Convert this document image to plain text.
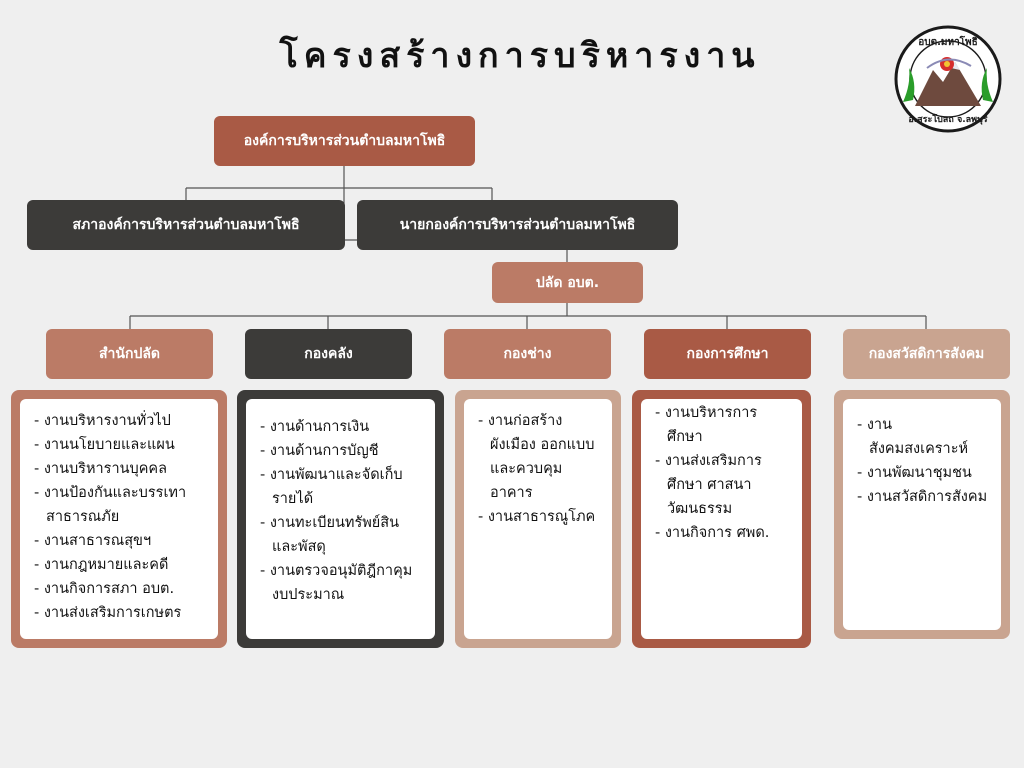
โครงสร้างการบริหารงาน	อบต.มหาโพธิ
อ.สระโบสถ จ.ลพบุรี
องค์การบริหารส่วนตำบลมหาโพธิ
สภาองค์การบริหารส่วนตำบลมหาโพธิ	นายกองค์การบริหารส่วนตำบลมหาโพธิ
ปลัด อบต.
สำนักปลัด	กองคลัง	กองช่าง	กองการศึกษา	กองสวัสดิการสังคม
- งานบริหารงานทั่วไป
- งานนโยบายและแผน
- งานบริหารานบุคคล
- งานป้องกันและบรรเทาสาธารณภัย
- งานสาธารณสุขฯ
- งานกฎหมายและคดี
- งานกิจการสภา อบต.
- งานส่งเสริมการเกษตร
- งานด้านการเงิน
- งานด้านการบัญชี
- งานพัฒนาและจัดเก็บรายได้
- งานทะเบียนทรัพย์สินและพัสดุ
- งานตรวจอนุมัติฎีกาคุมงบประมาณ
- งานก่อสร้างผังเมือง ออกแบบและควบคุมอาคาร
- งานสาธารณูโภค
- งานบริหารการศึกษา
- งานส่งเสริมการศึกษา ศาสนา วัฒนธรรม
- งานกิจการ ศพด.
- งานสังคมสงเคราะห์
- งานพัฒนาชุมชน
- งานสวัสดิการสังคม
